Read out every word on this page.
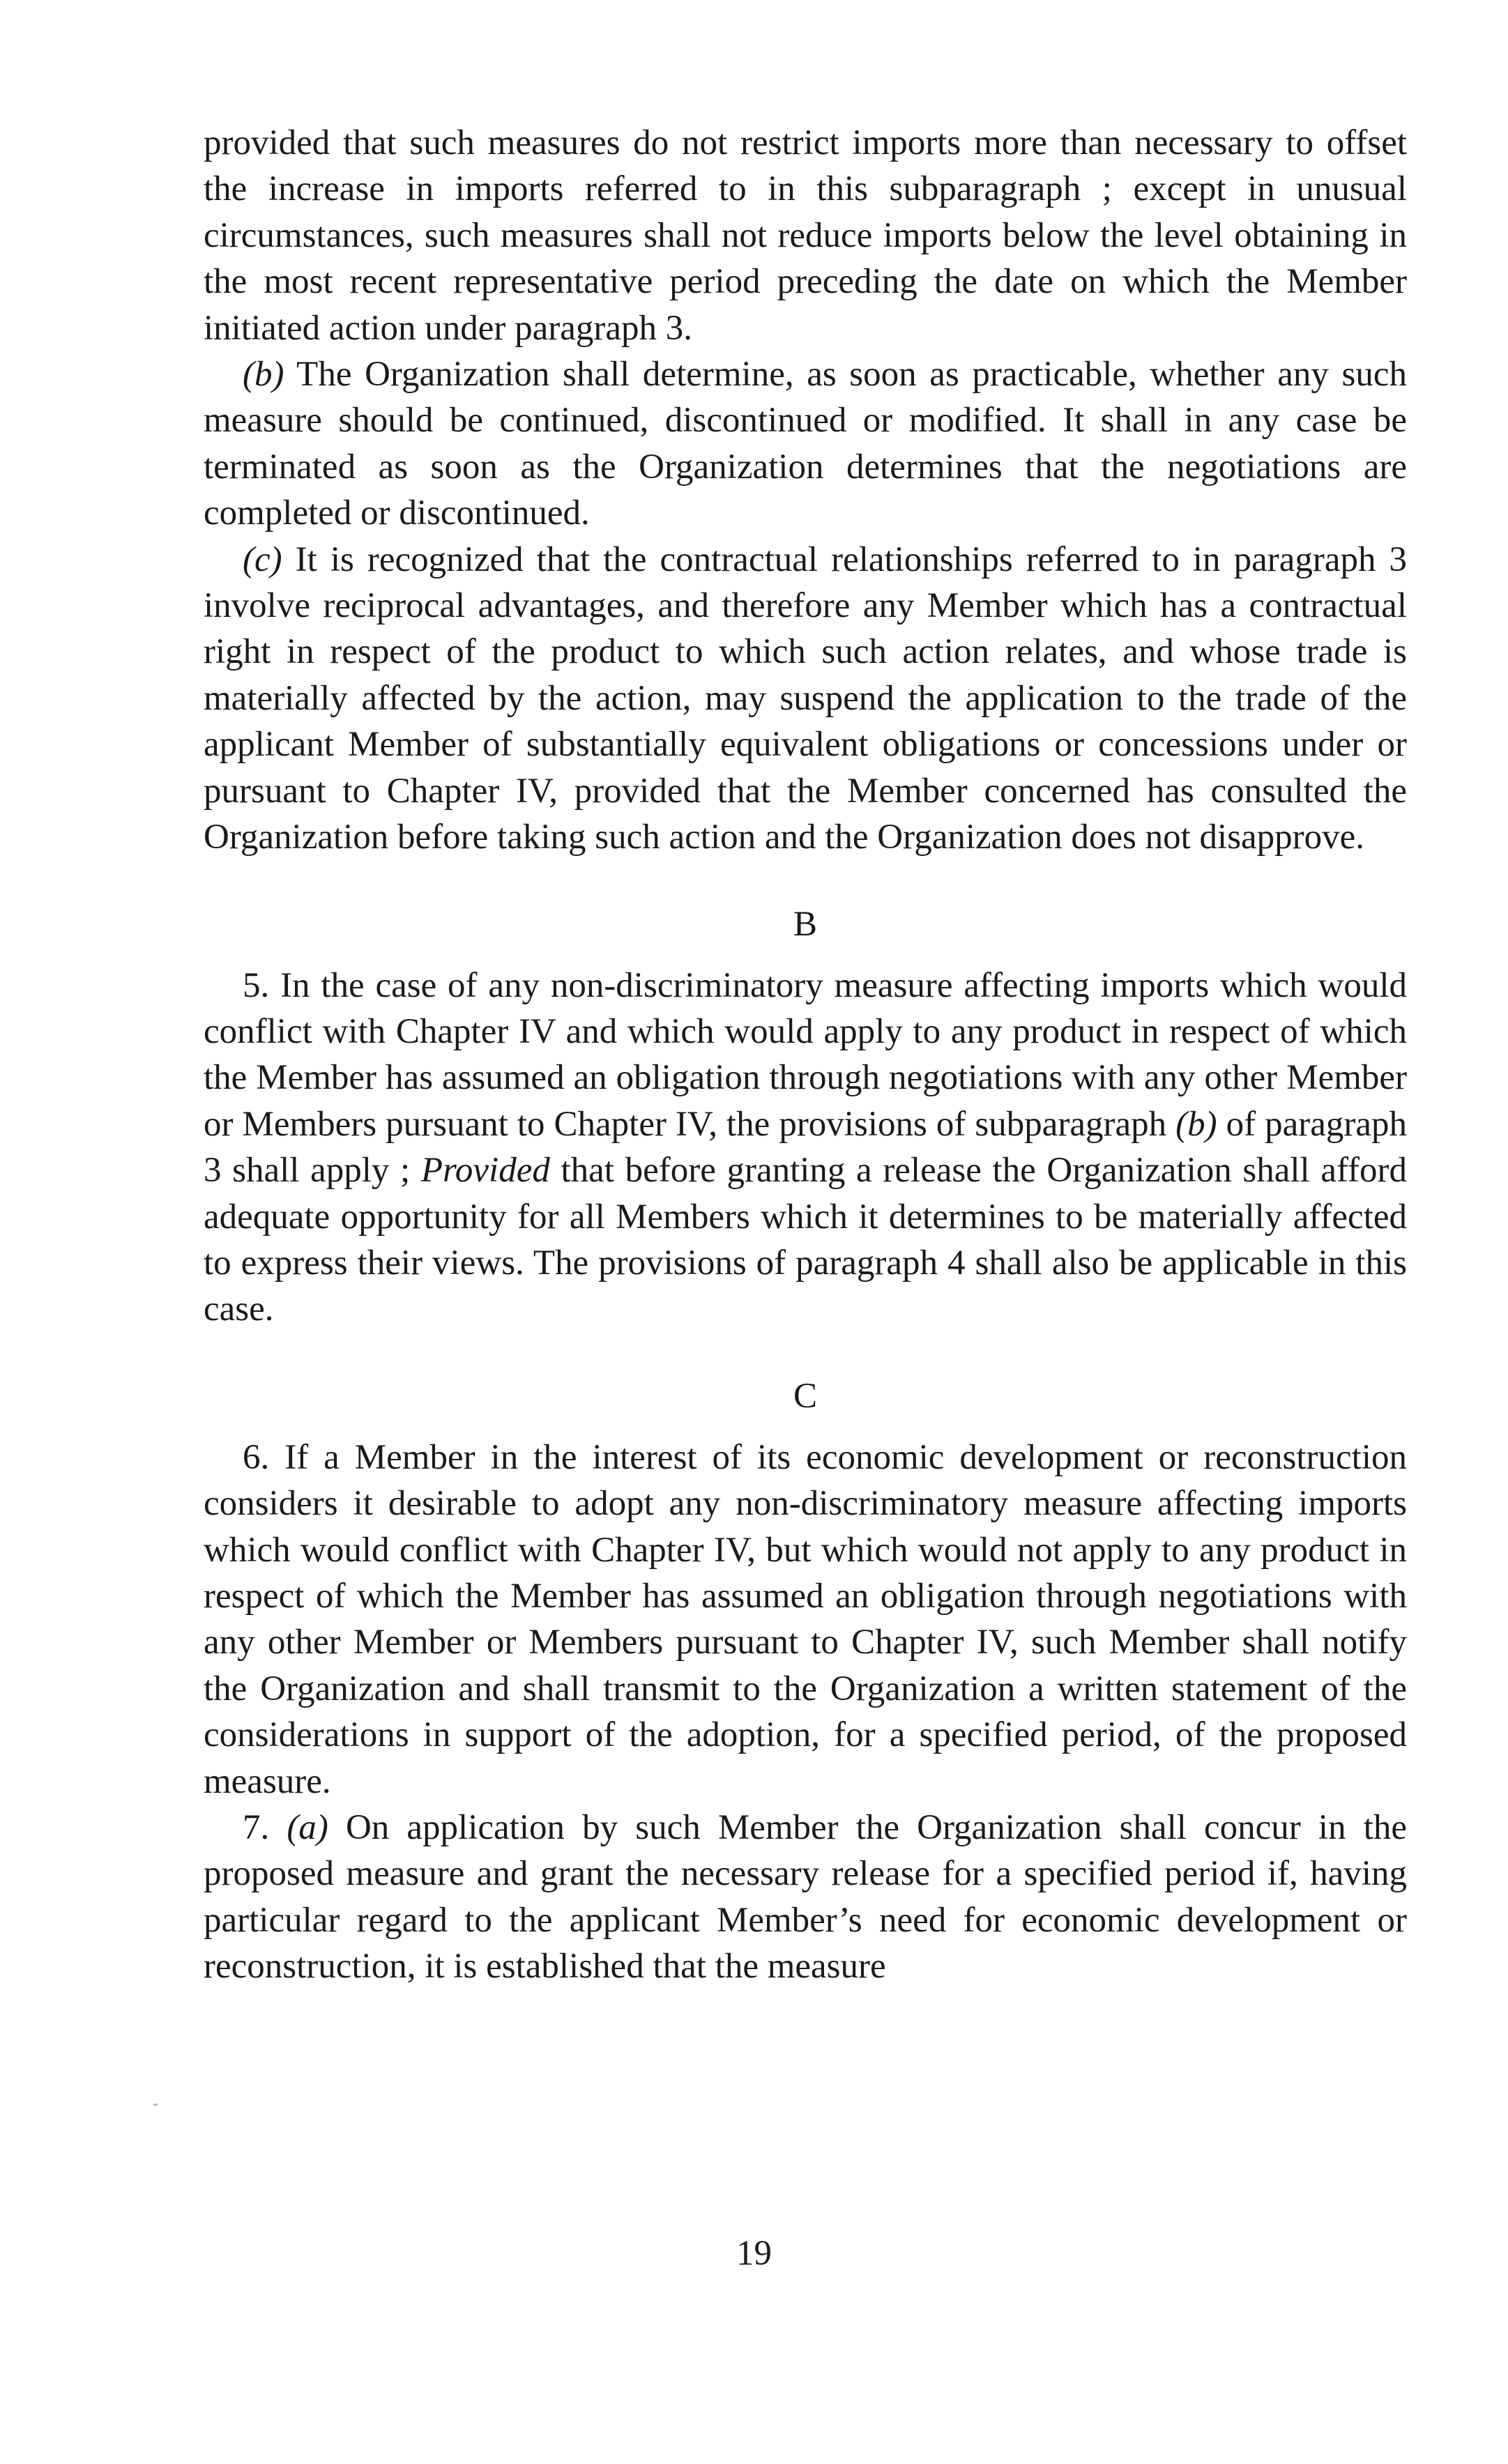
provided that such measures do not restrict imports more than necessary to offset the increase in imports referred to in this subparagraph ; except in unusual circumstances, such measures shall not reduce imports below the level obtaining in the most recent representative period preceding the date on which the Member initiated action under paragraph 3.

(b) The Organization shall determine, as soon as practicable, whether any such measure should be continued, discontinued or modified. It shall in any case be terminated as soon as the Organization determines that the negotiations are completed or discontinued.

(c) It is recognized that the contractual relationships referred to in paragraph 3 involve reciprocal advantages, and therefore any Member which has a contractual right in respect of the product to which such action relates, and whose trade is materially affected by the action, may suspend the application to the trade of the applicant Member of substantially equivalent obligations or concessions under or pursuant to Chapter IV, provided that the Member concerned has consulted the Organization before taking such action and the Organization does not disapprove.

B

5. In the case of any non-discriminatory measure affecting imports which would conflict with Chapter IV and which would apply to any product in respect of which the Member has assumed an obligation through negotiations with any other Member or Members pursuant to Chapter IV, the provisions of subparagraph (b) of paragraph 3 shall apply ; Provided that before granting a release the Organization shall afford adequate opportunity for all Members which it determines to be materially affected to express their views. The provisions of paragraph 4 shall also be applicable in this case.

C

6. If a Member in the interest of its economic development or reconstruction considers it desirable to adopt any non-discriminatory measure affecting imports which would conflict with Chapter IV, but which would not apply to any product in respect of which the Member has assumed an obligation through negotiations with any other Member or Members pursuant to Chapter IV, such Member shall notify the Organization and shall transmit to the Organization a written statement of the considerations in support of the adoption, for a specified period, of the proposed measure.

7. (a) On application by such Member the Organization shall concur in the proposed measure and grant the necessary release for a specified period if, having particular regard to the applicant Member’s need for economic development or reconstruction, it is established that the measure

19
